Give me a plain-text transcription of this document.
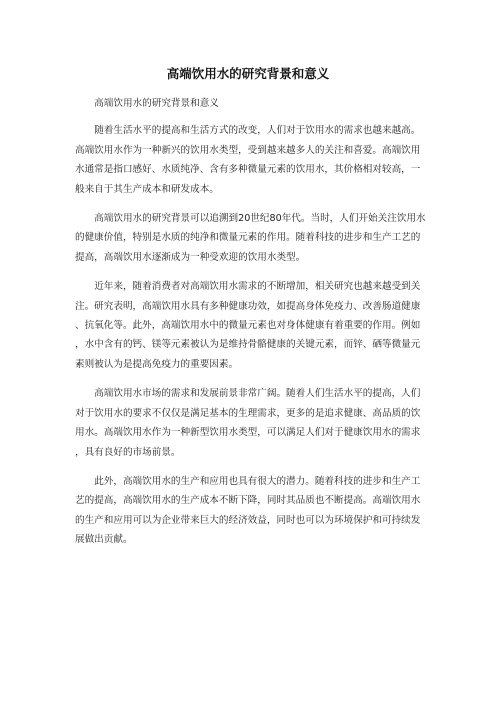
高端饮用水的研究背景和意义

高端饮用水的研究背景和意义

随着生活水平的提高和生活方式的改变，人们对于饮用水的需求也越来越高。高端饮用水作为一种新兴的饮用水类型，受到越来越多人的关注和喜爱。高端饮用水通常是指口感好、水质纯净、含有多种微量元素的饮用水，其价格相对较高，一般来自于其生产成本和研发成本。

高端饮用水的研究背景可以追溯到20世纪80年代。当时，人们开始关注饮用水的健康价值，特别是水质的纯净和微量元素的作用。随着科技的进步和生产工艺的提高，高端饮用水逐渐成为一种受欢迎的饮用水类型。

近年来，随着消费者对高端饮用水需求的不断增加，相关研究也越来越受到关注。研究表明，高端饮用水具有多种健康功效，如提高身体免疫力、改善肠道健康、抗氧化等。此外，高端饮用水中的微量元素也对身体健康有着重要的作用。例如，水中含有的钙、镁等元素被认为是维持骨骼健康的关键元素，而锌、硒等微量元素则被认为是提高免疫力的重要因素。

高端饮用水市场的需求和发展前景非常广阔。随着人们生活水平的提高，人们对于饮用水的要求不仅仅是满足基本的生理需求，更多的是追求健康、高品质的饮用水。高端饮用水作为一种新型饮用水类型，可以满足人们对于健康饮用水的需求，具有良好的市场前景。

此外，高端饮用水的生产和应用也具有很大的潜力。随着科技的进步和生产工艺的提高，高端饮用水的生产成本不断下降，同时其品质也不断提高。高端饮用水的生产和应用可以为企业带来巨大的经济效益，同时也可以为环境保护和可持续发展做出贡献。
